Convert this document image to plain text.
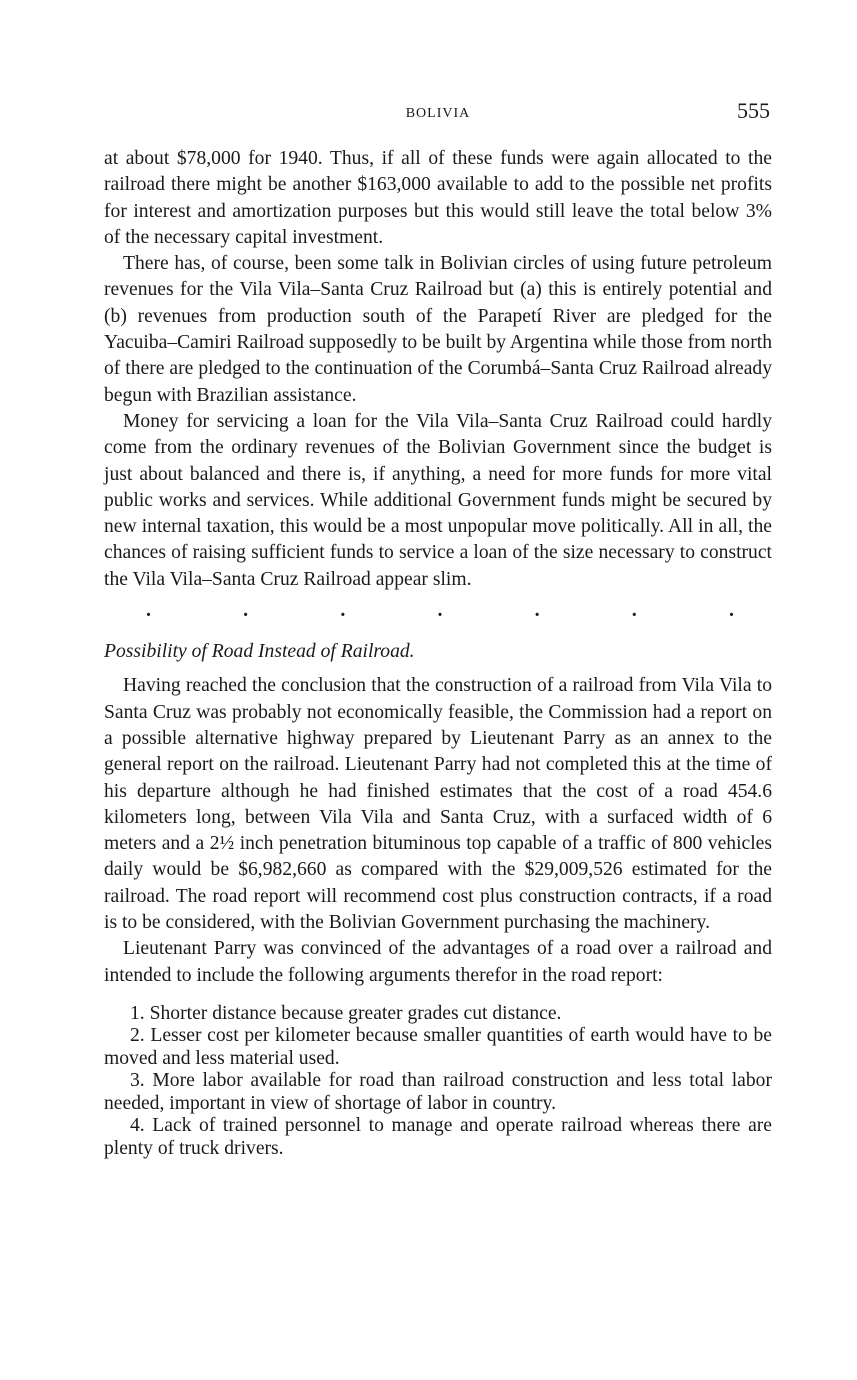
BOLIVIA	555

at about $78,000 for 1940. Thus, if all of these funds were again allocated to the railroad there might be another $163,000 available to add to the possible net profits for interest and amortization purposes but this would still leave the total below 3% of the necessary capital investment.

There has, of course, been some talk in Bolivian circles of using future petroleum revenues for the Vila Vila–Santa Cruz Railroad but (a) this is entirely potential and (b) revenues from production south of the Parapetí River are pledged for the Yacuiba–Camiri Railroad supposedly to be built by Argentina while those from north of there are pledged to the continuation of the Corumbá–Santa Cruz Railroad already begun with Brazilian assistance.

Money for servicing a loan for the Vila Vila–Santa Cruz Railroad could hardly come from the ordinary revenues of the Bolivian Government since the budget is just about balanced and there is, if anything, a need for more funds for more vital public works and services. While additional Government funds might be secured by new internal taxation, this would be a most unpopular move politically. All in all, the chances of raising sufficient funds to service a loan of the size necessary to construct the Vila Vila–Santa Cruz Railroad appear slim.

.	.	.	.	.	.	.

Possibility of Road Instead of Railroad.

Having reached the conclusion that the construction of a railroad from Vila Vila to Santa Cruz was probably not economically feasible, the Commission had a report on a possible alternative highway prepared by Lieutenant Parry as an annex to the general report on the railroad. Lieutenant Parry had not completed this at the time of his departure although he had finished estimates that the cost of a road 454.6 kilometers long, between Vila Vila and Santa Cruz, with a surfaced width of 6 meters and a 2½ inch penetration bituminous top capable of a traffic of 800 vehicles daily would be $6,982,660 as compared with the $29,009,526 estimated for the railroad. The road report will recommend cost plus construction contracts, if a road is to be considered, with the Bolivian Government purchasing the machinery.

Lieutenant Parry was convinced of the advantages of a road over a railroad and intended to include the following arguments therefor in the road report:

1. Shorter distance because greater grades cut distance.

2. Lesser cost per kilometer because smaller quantities of earth would have to be moved and less material used.

3. More labor available for road than railroad construction and less total labor needed, important in view of shortage of labor in country.

4. Lack of trained personnel to manage and operate railroad whereas there are plenty of truck drivers.
